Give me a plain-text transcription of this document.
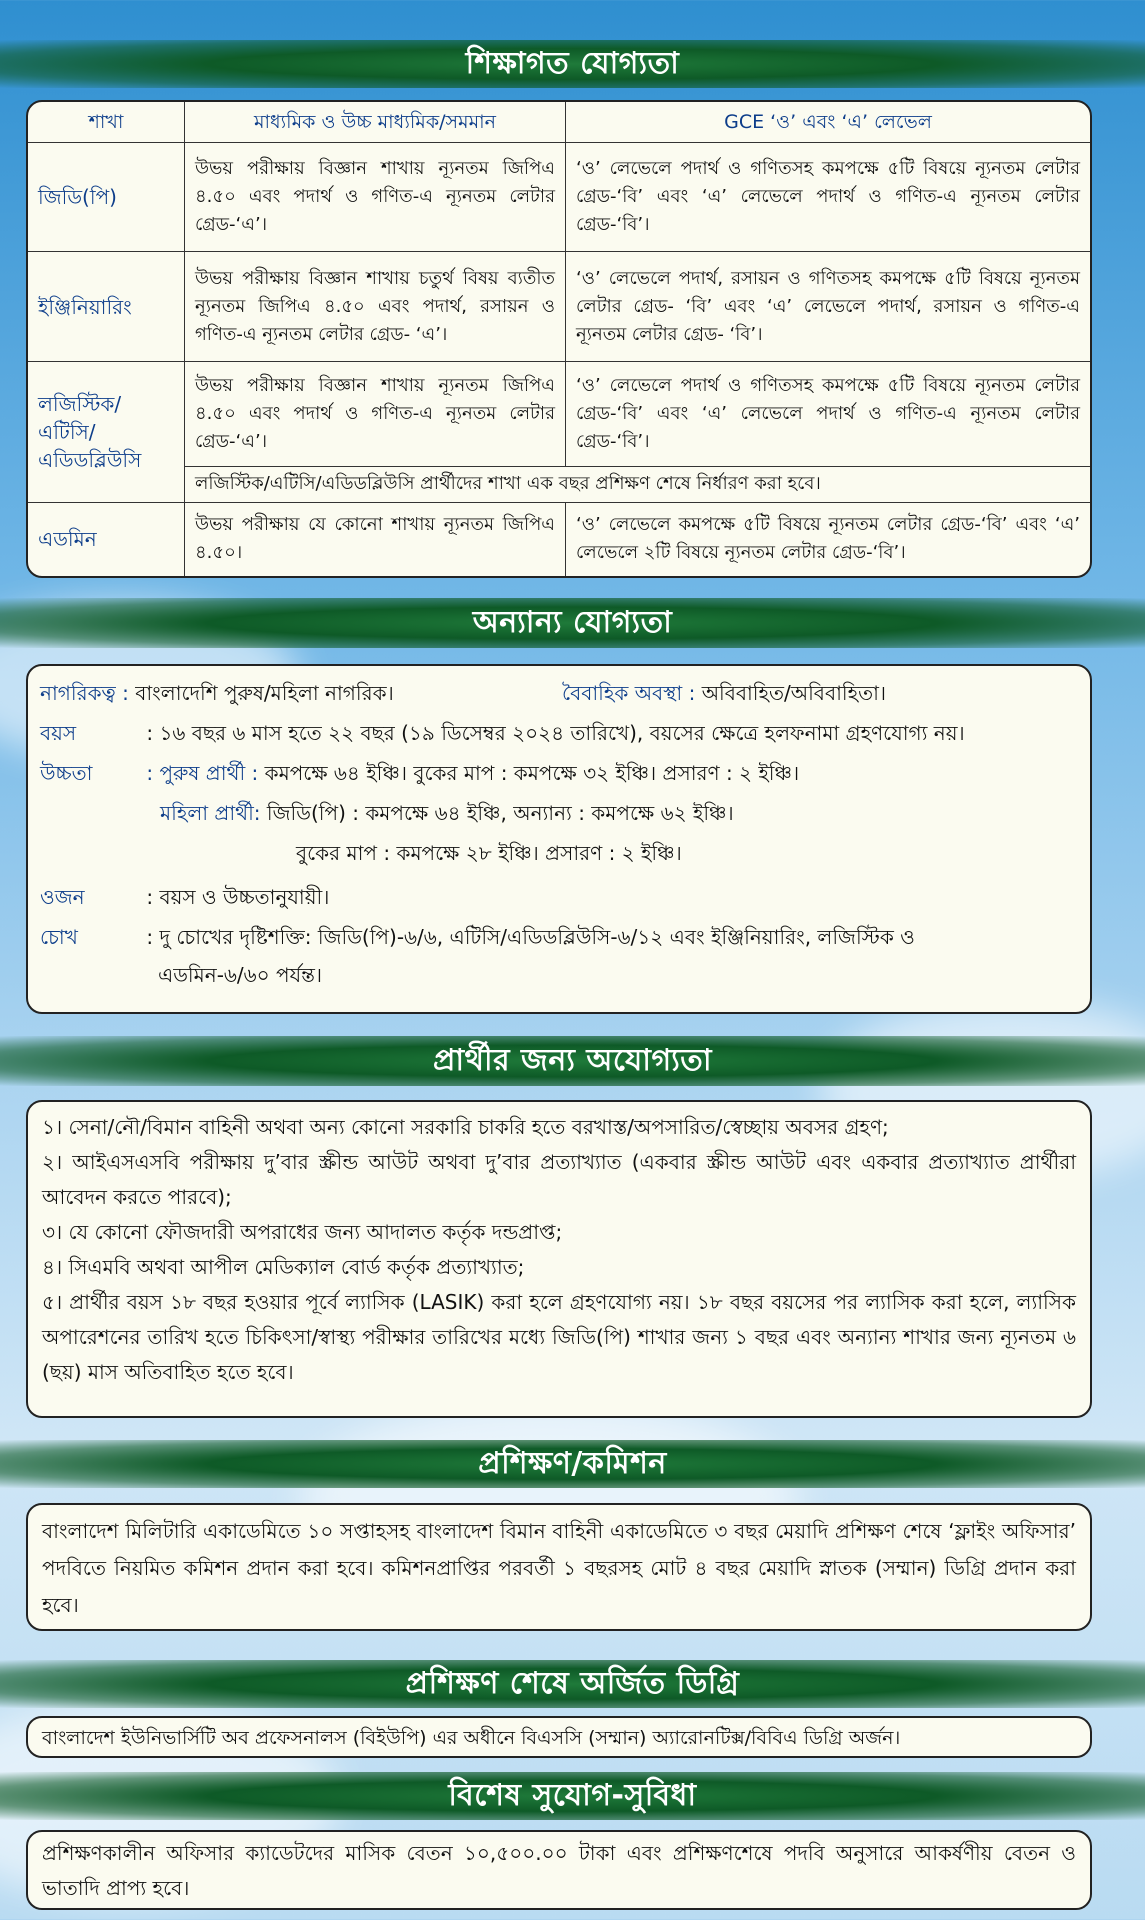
শিক্ষাগত যোগ্যতা
শাখা	মাধ্যমিক ও উচ্চ মাধ্যমিক/সমমান	GCE ‘ও’ এবং ‘এ’ লেভেল
জিডি(পি)	উভয় পরীক্ষায় বিজ্ঞান শাখায় ন্যূনতম জিপিএ ৪.৫০ এবং পদার্থ ও গণিত-এ ন্যূনতম লেটার গ্রেড-‘এ’।	‘ও’ লেভেলে পদার্থ ও গণিতসহ কমপক্ষে ৫টি বিষয়ে ন্যূনতম লেটার গ্রেড-‘বি’ এবং ‘এ’ লেভেলে পদার্থ ও গণিত-এ ন্যূনতম লেটার গ্রেড-‘বি’।
ইঞ্জিনিয়ারিং	উভয় পরীক্ষায় বিজ্ঞান শাখায় চতুর্থ বিষয় ব্যতীত ন্যূনতম জিপিএ ৪.৫০ এবং পদার্থ, রসায়ন ও গণিত-এ ন্যূনতম লেটার গ্রেড- ‘এ’।	‘ও’ লেভেলে পদার্থ, রসায়ন ও গণিতসহ কমপক্ষে ৫টি বিষয়ে ন্যূনতম লেটার গ্রেড- ‘বি’ এবং ‘এ’ লেভেলে পদার্থ, রসায়ন ও গণিত-এ ন্যূনতম লেটার গ্রেড- ‘বি’।
লজিস্টিক/এটিসি/ এডিডব্লিউসি	উভয় পরীক্ষায় বিজ্ঞান শাখায় ন্যূনতম জিপিএ ৪.৫০ এবং পদার্থ ও গণিত-এ ন্যূনতম লেটার গ্রেড-‘এ’।	‘ও’ লেভেলে পদার্থ ও গণিতসহ কমপক্ষে ৫টি বিষয়ে ন্যূনতম লেটার গ্রেড-‘বি’ এবং ‘এ’ লেভেলে পদার্থ ও গণিত-এ ন্যূনতম লেটার গ্রেড-‘বি’।
	লজিস্টিক/এটিসি/এডিডব্লিউসি প্রার্থীদের শাখা এক বছর প্রশিক্ষণ শেষে নির্ধারণ করা হবে।	
এডমিন	উভয় পরীক্ষায় যে কোনো শাখায় ন্যূনতম জিপিএ ৪.৫০।	‘ও’ লেভেলে কমপক্ষে ৫টি বিষয়ে ন্যূনতম লেটার গ্রেড-‘বি’ এবং ‘এ’ লেভেলে ২টি বিষয়ে ন্যূনতম লেটার গ্রেড-‘বি’।
অন্যান্য যোগ্যতা
নাগরিকত্ব : বাংলাদেশি পুরুষ/মহিলা নাগরিক।	বৈবাহিক অবস্থা : অবিবাহিত/অবিবাহিতা।
বয়স	: ১৬ বছর ৬ মাস হতে ২২ বছর (১৯ ডিসেম্বর ২০২৪ তারিখে), বয়সের ক্ষেত্রে হলফনামা গ্রহণযোগ্য নয়।
উচ্চতা	: পুরুষ প্রার্থী : কমপক্ষে ৬৪ ইঞ্চি। বুকের মাপ : কমপক্ষে ৩২ ইঞ্চি। প্রসারণ : ২ ইঞ্চি।
মহিলা প্রার্থী: জিডি(পি) : কমপক্ষে ৬৪ ইঞ্চি, অন্যান্য : কমপক্ষে ৬২ ইঞ্চি।
বুকের মাপ : কমপক্ষে ২৮ ইঞ্চি। প্রসারণ : ২ ইঞ্চি।
ওজন	: বয়স ও উচ্চতানুযায়ী।
চোখ	: দু চোখের দৃষ্টিশক্তি: জিডি(পি)-৬/৬, এটিসি/এডিডব্লিউসি-৬/১২ এবং ইঞ্জিনিয়ারিং, লজিস্টিক ও
এডমিন-৬/৬০ পর্যন্ত।
প্রার্থীর জন্য অযোগ্যতা

১। সেনা/নৌ/বিমান বাহিনী অথবা অন্য কোনো সরকারি চাকরি হতে বরখাস্ত/অপসারিত/স্বেচ্ছায় অবসর গ্রহণ;

২। আইএসএসবি পরীক্ষায় দু’বার স্ক্রীন্ড আউট অথবা দু’বার প্রত্যাখ্যাত (একবার স্ক্রীন্ড আউট এবং একবার প্রত্যাখ্যাত প্রার্থীরা আবেদন করতে পারবে);

৩। যে কোনো ফৌজদারী অপরাধের জন্য আদালত কর্তৃক দন্ডপ্রাপ্ত;

৪। সিএমবি অথবা আপীল মেডিক্যাল বোর্ড কর্তৃক প্রত্যাখ্যাত;

৫। প্রার্থীর বয়স ১৮ বছর হওয়ার পূর্বে ল্যাসিক (LASIK) করা হলে গ্রহণযোগ্য নয়। ১৮ বছর বয়সের পর ল্যাসিক করা হলে, ল্যাসিক অপারেশনের তারিখ হতে চিকিৎসা/স্বাস্থ্য পরীক্ষার তারিখের মধ্যে জিডি(পি) শাখার জন্য ১ বছর এবং অন্যান্য শাখার জন্য ন্যূনতম ৬ (ছয়) মাস অতিবাহিত হতে হবে।

প্রশিক্ষণ/কমিশন

বাংলাদেশ মিলিটারি একাডেমিতে ১০ সপ্তাহসহ বাংলাদেশ বিমান বাহিনী একাডেমিতে ৩ বছর মেয়াদি প্রশিক্ষণ শেষে ‘ফ্লাইং অফিসার’ পদবিতে নিয়মিত কমিশন প্রদান করা হবে। কমিশনপ্রাপ্তির পরবর্তী ১ বছরসহ মোট ৪ বছর মেয়াদি স্নাতক (সম্মান) ডিগ্রি প্রদান করা হবে।

প্রশিক্ষণ শেষে অর্জিত ডিগ্রি

বাংলাদেশ ইউনিভার্সিটি অব প্রফেসনালস (বিইউপি) এর অধীনে বিএসসি (সম্মান) অ্যারোনটিক্স/বিবিএ ডিগ্রি অর্জন।

বিশেষ সুযোগ-সুবিধা

প্রশিক্ষণকালীন অফিসার ক্যাডেটদের মাসিক বেতন ১০,৫০০.০০ টাকা এবং প্রশিক্ষণশেষে পদবি অনুসারে আকর্ষণীয় বেতন ও ভাতাদি প্রাপ্য হবে।
